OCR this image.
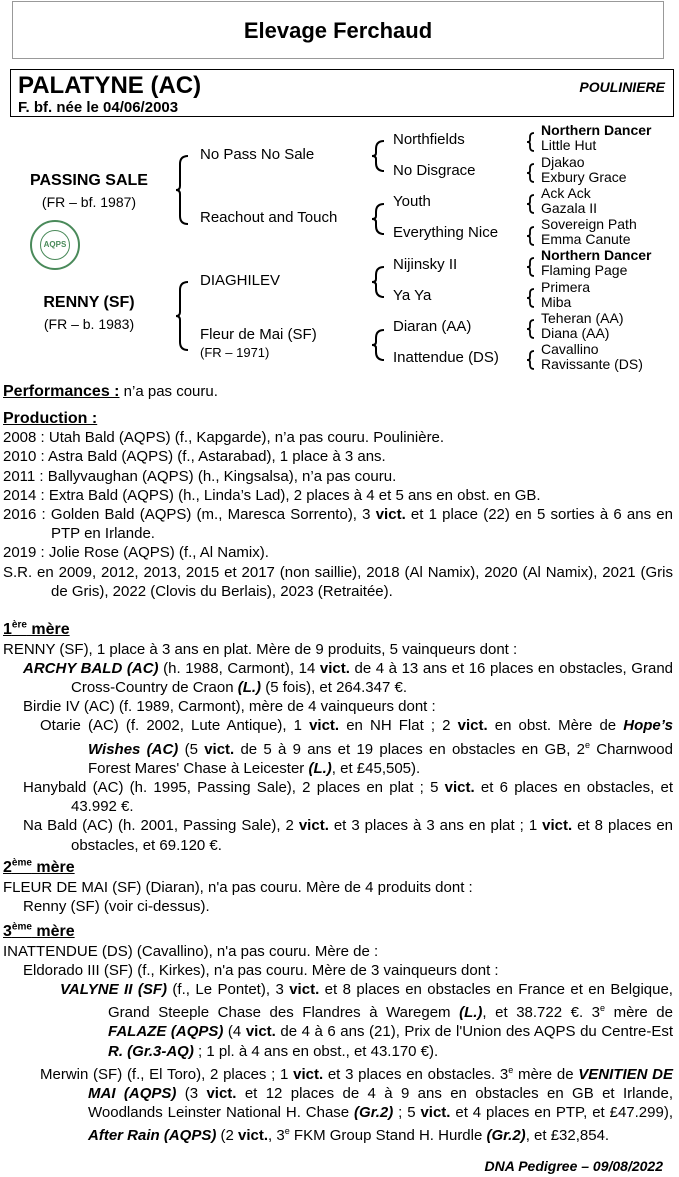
Elevage Ferchaud
PALATYNE (AC)
F. bf. née le 04/06/2003
POULINIERE
PASSING SALE
(FR – bf. 1987)
AQPS
RENNY (SF)
(FR – b. 1983)
No Pass No Sale
Reachout and Touch
DIAGHILEV
Fleur de Mai (SF)
(FR – 1971)
Northfields
No Disgrace
Youth
Everything Nice
Nijinsky II
Ya Ya
Diaran (AA)
Inattendue (DS)
Northern Dancer
Little Hut
Djakao
Exbury Grace
Ack Ack
Gazala II
Sovereign Path
Emma Canute
Northern Dancer
Flaming Page
Primera
Miba
Teheran (AA)
Diana (AA)
Cavallino
Ravissante (DS)
Performances : n’a pas couru.

Production :

2008 : Utah Bald (AQPS) (f., Kapgarde), n’a pas couru. Poulinière.

2010 : Astra Bald (AQPS) (f., Astarabad), 1 place à 3 ans.

2011 : Ballyvaughan (AQPS) (h., Kingsalsa), n’a pas couru.

2014 : Extra Bald (AQPS) (h., Linda’s Lad), 2 places à 4 et 5 ans en obst. en GB.

2016 : Golden Bald (AQPS) (m., Maresca Sorrento), 3 vict. et 1 place (22) en 5 sorties à 6 ans en PTP en Irlande.

2019 : Jolie Rose (AQPS) (f., Al Namix).

S.R. en 2009, 2012, 2013, 2015 et 2017 (non saillie), 2018 (Al Namix), 2020 (Al Namix), 2021 (Gris de Gris), 2022 (Clovis du Berlais), 2023 (Retraitée).

1ère mère

RENNY (SF), 1 place à 3 ans en plat. Mère de 9 produits, 5 vainqueurs dont :

ARCHY BALD (AC) (h. 1988, Carmont), 14 vict. de 4 à 13 ans et 16 places en obstacles, Grand Cross-Country de Craon (L.) (5 fois), et 264.347 €.

Birdie IV (AC) (f. 1989, Carmont), mère de 4 vainqueurs dont :

Otarie (AC) (f. 2002, Lute Antique), 1 vict. en NH Flat ; 2 vict. en obst. Mère de Hope’s Wishes (AC) (5 vict. de 5 à 9 ans et 19 places en obstacles en GB, 2e Charnwood Forest Mares' Chase à Leicester (L.), et £45,505).

Hanybald (AC) (h. 1995, Passing Sale), 2 places en plat ; 5 vict. et 6 places en obstacles, et 43.992 €.

Na Bald (AC) (h. 2001, Passing Sale), 2 vict. et 3 places à 3 ans en plat ; 1 vict. et 8 places en obstacles, et 69.120 €.

2ème mère

FLEUR DE MAI (SF) (Diaran), n'a pas couru. Mère de 4 produits dont :

Renny (SF) (voir ci-dessus).

3ème mère

INATTENDUE (DS) (Cavallino), n'a pas couru. Mère de :

Eldorado III (SF) (f., Kirkes), n'a pas couru. Mère de 3 vainqueurs dont :

VALYNE II (SF) (f., Le Pontet), 3 vict. et 8 places en obstacles en France et en Belgique, Grand Steeple Chase des Flandres à Waregem (L.), et 38.722 €. 3e mère de FALAZE (AQPS) (4 vict. de 4 à 6 ans (21), Prix de l'Union des AQPS du Centre-Est R. (Gr.3-AQ) ; 1 pl. à 4 ans en obst., et 43.170 €).

Merwin (SF) (f., El Toro), 2 places ; 1 vict. et 3 places en obstacles. 3e mère de VENITIEN DE MAI (AQPS) (3 vict. et 12 places de 4 à 9 ans en obstacles en GB et Irlande, Woodlands Leinster National H. Chase (Gr.2) ; 5 vict. et 4 places en PTP, et £47.299), After Rain (AQPS) (2 vict., 3e FKM Group Stand H. Hurdle (Gr.2), et £32,854.

DNA Pedigree – 09/08/2022
